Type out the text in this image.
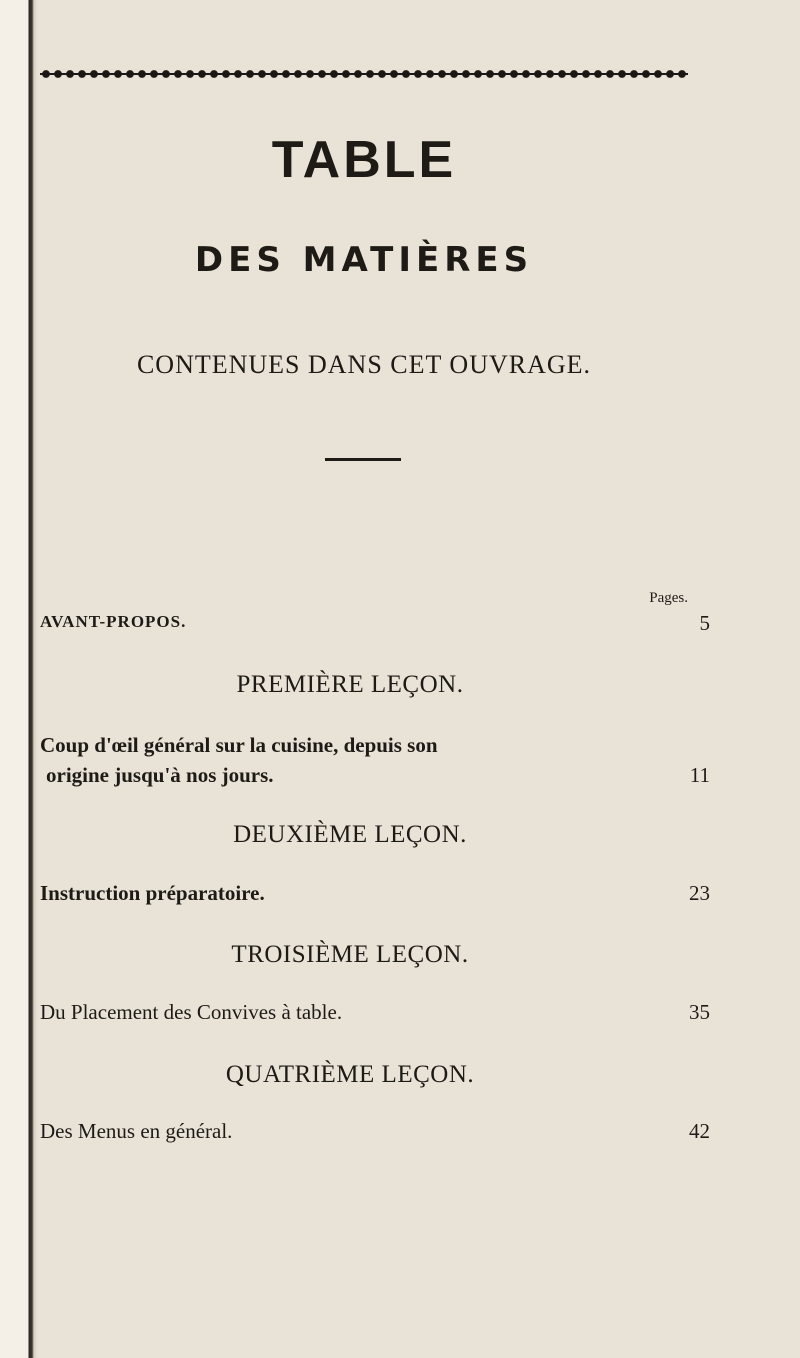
TABLE
DES MATIÈRES
CONTENUES DANS CET OUVRAGE.
Pages.
AVANT-PROPOS.	5
PREMIÈRE LEÇON.
Coup d'œil général sur la cuisine, depuis son
origine jusqu'à nos jours.	11
DEUXIÈME LEÇON.
Instruction préparatoire.	23
TROISIÈME LEÇON.
Du Placement des Convives à table.	35
QUATRIÈME LEÇON.
Des Menus en général.	42
